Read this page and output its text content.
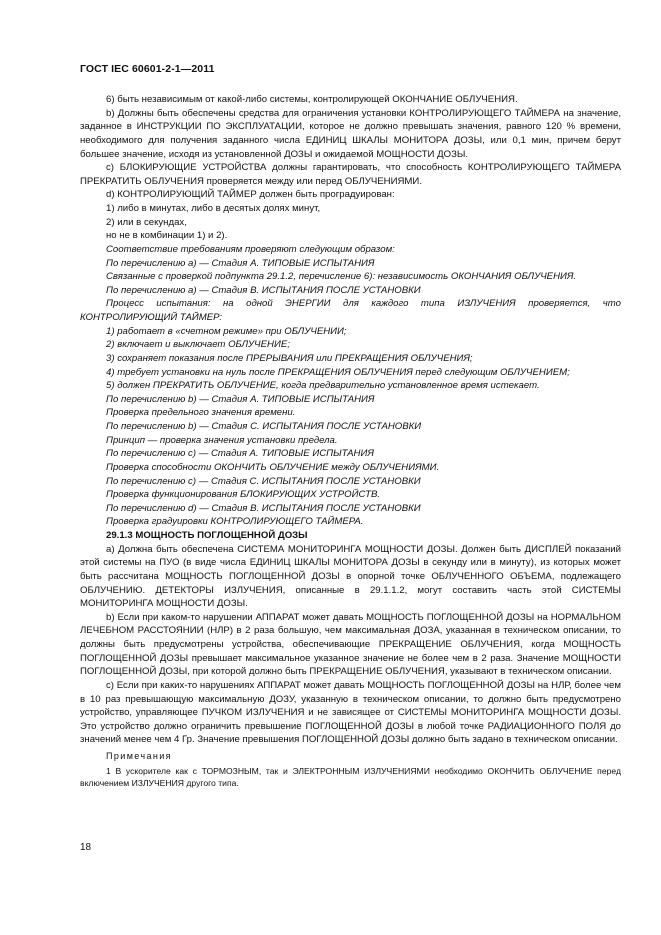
ГОСТ IEC 60601-2-1—2011

6) быть независимым от какой-либо системы, контролирующей ОКОНЧАНИЕ ОБЛУЧЕНИЯ.

b) Должны быть обеспечены средства для ограничения установки КОНТРОЛИРУЮЩЕГО ТАЙМЕРА на значение, заданное в ИНСТРУКЦИИ ПО ЭКСПЛУАТАЦИИ, которое не должно превышать значения, равного 120 % времени, необходимого для получения заданного числа ЕДИНИЦ ШКАЛЫ МОНИТОРА ДОЗЫ, или 0,1 мин, причем берут большее значение, исходя из установленной ДОЗЫ и ожидаемой МОЩНОСТИ ДОЗЫ.

c) БЛОКИРУЮЩИЕ УСТРОЙСТВА должны гарантировать, что способность КОНТРОЛИРУЮЩЕГО ТАЙМЕРА ПРЕКРАТИТЬ ОБЛУЧЕНИЯ проверяется между или перед ОБЛУЧЕНИЯМИ.

d) КОНТРОЛИРУЮЩИЙ ТАЙМЕР должен быть проградуирован:

1) либо в минутах, либо в десятых долях минут,

2) или в секундах,

но не в комбинации 1) и 2).

Соответствие требованиям проверяют следующим образом:

По перечислению а) — Стадия А. ТИПОВЫЕ ИСПЫТАНИЯ

Связанные с проверкой подпункта 29.1.2, перечисление 6): независимость ОКОНЧАНИЯ ОБЛУЧЕНИЯ.

По перечислению а) — Стадия В. ИСПЫТАНИЯ ПОСЛЕ УСТАНОВКИ

Процесс испытания: на одной ЭНЕРГИИ для каждого типа ИЗЛУЧЕНИЯ проверяется, что КОНТРОЛИРУЮЩИЙ ТАЙМЕР:

1) работает в «счетном режиме» при ОБЛУЧЕНИИ;

2) включает и выключает ОБЛУЧЕНИЕ;

3) сохраняет показания после ПРЕРЫВАНИЯ или ПРЕКРАЩЕНИЯ ОБЛУЧЕНИЯ;

4) требует установки на нуль после ПРЕКРАЩЕНИЯ ОБЛУЧЕНИЯ перед следующим ОБЛУЧЕНИЕМ;

5) должен ПРЕКРАТИТЬ ОБЛУЧЕНИЕ, когда предварительно установленное время истекает.

По перечислению b) — Стадия А. ТИПОВЫЕ ИСПЫТАНИЯ

Проверка предельного значения времени.

По перечислению b) — Стадия С. ИСПЫТАНИЯ ПОСЛЕ УСТАНОВКИ

Принцип — проверка значения установки предела.

По перечислению c) — Стадия А. ТИПОВЫЕ ИСПЫТАНИЯ

Проверка способности ОКОНЧИТЬ ОБЛУЧЕНИЕ между ОБЛУЧЕНИЯМИ.

По перечислению c) — Стадия С. ИСПЫТАНИЯ ПОСЛЕ УСТАНОВКИ

Проверка функционирования БЛОКИРУЮЩИХ УСТРОЙСТВ.

По перечислению d) — Стадия В. ИСПЫТАНИЯ ПОСЛЕ УСТАНОВКИ

Проверка градуировки КОНТРОЛИРУЮЩЕГО ТАЙМЕРА.

29.1.3 МОЩНОСТЬ ПОГЛОЩЕННОЙ ДОЗЫ

а) Должна быть обеспечена СИСТЕМА МОНИТОРИНГА МОЩНОСТИ ДОЗЫ. Должен быть ДИСПЛЕЙ показаний этой системы на ПУО (в виде числа ЕДИНИЦ ШКАЛЫ МОНИТОРА ДОЗЫ в секунду или в минуту), из которых может быть рассчитана МОЩНОСТЬ ПОГЛОЩЕННОЙ ДОЗЫ в опорной точке ОБЛУЧЕННОГО ОБЪЕМА, подлежащего ОБЛУЧЕНИЮ. ДЕТЕКТОРЫ ИЗЛУЧЕНИЯ, описанные в 29.1.1.2, могут составить часть этой СИСТЕМЫ МОНИТОРИНГА МОЩНОСТИ ДОЗЫ.

b) Если при каком-то нарушении АППАРАТ может давать МОЩНОСТЬ ПОГЛОЩЕННОЙ ДОЗЫ на НОРМАЛЬНОМ ЛЕЧЕБНОМ РАССТОЯНИИ (НЛР) в 2 раза большую, чем максимальная ДОЗА, указанная в техническом описании, то должны быть предусмотрены устройства, обеспечивающие ПРЕКРАЩЕНИЕ ОБЛУЧЕНИЯ, когда МОЩНОСТЬ ПОГЛОЩЕННОЙ ДОЗЫ превышает максимальное указанное значение не более чем в 2 раза. Значение МОЩНОСТИ ПОГЛОЩЕННОЙ ДОЗЫ, при которой должно быть ПРЕКРАЩЕНИЕ ОБЛУЧЕНИЯ, указывают в техническом описании.

c) Если при каких-то нарушениях АППАРАТ может давать МОЩНОСТЬ ПОГЛОЩЕННОЙ ДОЗЫ на НЛР, более чем в 10 раз превышающую максимальную ДОЗУ, указанную в техническом описании, то должно быть предусмотрено устройство, управляющее ПУЧКОМ ИЗЛУЧЕНИЯ и не зависящее от СИСТЕМЫ МОНИТОРИНГА МОЩНОСТИ ДОЗЫ. Это устройство должно ограничить превышение ПОГЛОЩЕННОЙ ДОЗЫ в любой точке РАДИАЦИОННОГО ПОЛЯ до значений менее чем 4 Гр. Значение превышения ПОГЛОЩЕННОЙ ДОЗЫ должно быть задано в техническом описании.

Примечания

1 В ускорителе как с ТОРМОЗНЫМ, так и ЭЛЕКТРОННЫМ ИЗЛУЧЕНИЯМИ необходимо ОКОНЧИТЬ ОБЛУЧЕНИЕ перед включением ИЗЛУЧЕНИЯ другого типа.

18
